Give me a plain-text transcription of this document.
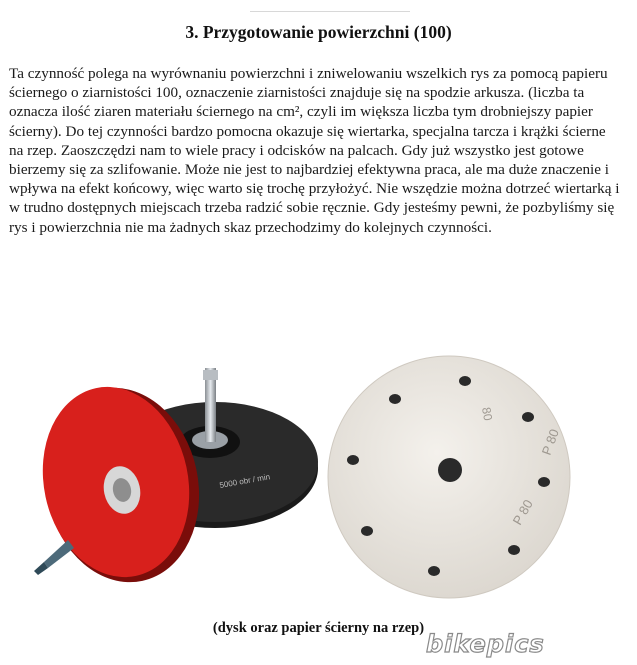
3. Przygotowanie powierzchni (100)
Ta czynność polega na wyrównaniu powierzchni i zniwelowaniu wszelkich rys za pomocą papieru ściernego o ziarnistości 100, oznaczenie ziarnistości znajduje się na spodzie arkusza. (liczba ta oznacza ilość ziaren materiału ściernego na cm², czyli im większa liczba tym drobniejszy papier ścierny). Do tej czynności bardzo pomocna okazuje się wiertarka, specjalna tarcza i krążki ścierne na rzep. Zaoszczędzi nam to wiele pracy i odcisków na palcach. Gdy już wszystko jest gotowe bierzemy się za szlifowanie. Może nie jest to najbardziej efektywna praca, ale ma duże znaczenie i wpływa na efekt końcowy, więc warto się trochę przyłożyć. Nie wszędzie można dotrzeć wiertarką i w trudno dostępnych miejscach trzeba radzić sobie ręcznie. Gdy jesteśmy pewni, że pozbyliśmy się rys i powierzchnia nie ma żadnych skaz przechodzimy do kolejnych czynności.
5000 obr / min
P 80
P 80
80
(dysk oraz papier ścierny na rzep)
bikepics
